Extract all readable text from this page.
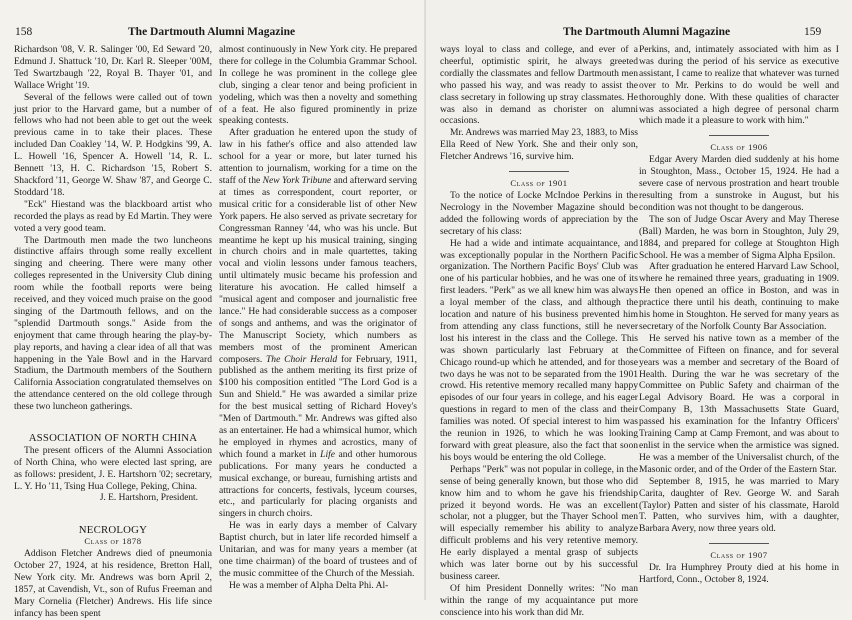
158	The Dartmouth Alumni Magazine

Richardson '08, V. R. Salinger '00, Ed Seward '20, Edmund J. Shattuck '10, Dr. Karl R. Sleeper '00M, Ted Swartzbaugh '22, Royal B. Thayer '01, and Wallace Wright '19.

Several of the fellows were called out of town just prior to the Harvard game, but a number of fellows who had not been able to get out the week previous came in to take their places. These included Dan Coakley '14, W. P. Hodgkins '99, A. L. Howell '16, Spencer A. Howell '14, R. L. Bennett '13, H. C. Richardson '15, Robert S. Shackford '11, George W. Shaw '87, and George C. Stoddard '18.

"Eck" Hiestand was the blackboard artist who recorded the plays as read by Ed Martin. They were voted a very good team.

The Dartmouth men made the two luncheons distinctive affairs through some really excellent singing and cheering. There were many other colleges represented in the University Club dining room while the football reports were being received, and they voiced much praise on the good singing of the Dartmouth fellows, and on the "splendid Dartmouth songs." Aside from the enjoyment that came through hearing the play-by-play reports, and having a clear idea of all that was happening in the Yale Bowl and in the Harvard Stadium, the Dartmouth members of the Southern California Association congratulated themselves on the attendance centered on the old college through these two luncheon gatherings.

ASSOCIATION OF NORTH CHINA

The present officers of the Alumni Association of North China, who were elected last spring, are as follows: president, J. E. Hartshorn '02; secretary, L. Y. Ho '11, Tsing Hua College, Peking, China.

J. E. Hartshorn, President.
NECROLOGY
Class of 1878

Addison Fletcher Andrews died of pneumonia October 27, 1924, at his residence, Bretton Hall, New York city. Mr. Andrews was born April 2, 1857, at Cavendish, Vt., son of Rufus Freeman and Mary Cornelia (Fletcher) Andrews. His life since infancy has been spent

almost continuously in New York city. He prepared there for college in the Columbia Grammar School. In college he was prominent in the college glee club, singing a clear tenor and being proficient in yodeling, which was then a novelty and something of a feat. He also figured prominently in prize speaking contests.

After graduation he entered upon the study of law in his father's office and also attended law school for a year or more, but later turned his attention to journalism, working for a time on the staff of the New York Tribune and afterward serving at times as correspondent, court reporter, or musical critic for a considerable list of other New York papers. He also served as private secretary for Congressman Ranney '44, who was his uncle. But meantime he kept up his musical training, singing in church choirs and in male quartettes, taking vocal and violin lessons under famous teachers, until ultimately music became his profession and literature his avocation. He called himself a "musical agent and composer and journalistic free lance." He had considerable success as a composer of songs and anthems, and was the originator of The Manuscript Society, which numbers as members most of the prominent American composers. The Choir Herald for February, 1911, published as the anthem meriting its first prize of $100 his composition entitled "The Lord God is a Sun and Shield." He was awarded a similar prize for the best musical setting of Richard Hovey's "Men of Dartmouth." Mr. Andrews was gifted also as an entertainer. He had a whimsical humor, which he employed in rhymes and acrostics, many of which found a market in Life and other humorous publications. For many years he conducted a musical exchange, or bureau, furnishing artists and attractions for concerts, festivals, lyceum courses, etc., and particularly for placing organists and singers in church choirs.

He was in early days a member of Calvary Baptist church, but in later life recorded himself a Unitarian, and was for many years a member (at one time chairman) of the board of trustees and of the music committee of the Church of the Messiah.

He was a member of Alpha Delta Phi. Al-

The Dartmouth Alumni Magazine	159

ways loyal to class and college, and ever of a cheerful, optimistic spirit, he always greeted cordially the classmates and fellow Dartmouth men who passed his way, and was ready to assist the class secretary in following up stray classmates. He was also in demand as chorister on alumni occasions.

Mr. Andrews was married May 23, 1883, to Miss Ella Reed of New York. She and their only son, Fletcher Andrews '16, survive him.

Class of 1901

To the notice of Locke McIndoe Perkins in the Necrology in the November Magazine should be added the following words of appreciation by the secretary of his class:

He had a wide and intimate acquaintance, and was exceptionally popular in the Northern Pacific organization. The Northern Pacific Boys' Club was one of his particular hobbies, and he was one of its first leaders. "Perk" as we all knew him was always a loyal member of the class, and although the location and nature of his business prevented him from attending any class functions, still he never lost his interest in the class and the College. This was shown particularly last February at the Chicago round-up which he attended, and for those two days he was not to be separated from the 1901 crowd. His retentive memory recalled many happy episodes of our four years in college, and his eager questions in regard to men of the class and their families was noted. Of special interest to him was the reunion in 1926, to which he was looking forward with great pleasure, also the fact that soon his boys would be entering the old College.

Perhaps "Perk" was not popular in college, in the sense of being generally known, but those who did know him and to whom he gave his friendship prized it beyond words. He was an excellent scholar, not a plugger, but the Thayer School men will especially remember his ability to analyze difficult problems and his very retentive memory. He early displayed a mental grasp of subjects which was later borne out by his successful business career.

Of him President Donnelly writes: "No man within the range of my acquaintance put more conscience into his work than did Mr.

Perkins, and, intimately associated with him as I was during the period of his service as executive assistant, I came to realize that whatever was turned over to Mr. Perkins to do would be well and thoroughly done. With these qualities of character was associated a high degree of personal charm which made it a pleasure to work with him."

Class of 1906

Edgar Avery Marden died suddenly at his home in Stoughton, Mass., October 15, 1924. He had a severe case of nervous prostration and heart trouble resulting from a sunstroke in August, but his condition was not thought to be dangerous.

The son of Judge Oscar Avery and May Therese (Ball) Marden, he was born in Stoughton, July 29, 1884, and prepared for college at Stoughton High School. He was a member of Sigma Alpha Epsilon.

After graduation he entered Harvard Law School, where he remained three years, graduating in 1909. He then opened an office in Boston, and was in practice there until his death, continuing to make his home in Stoughton. He served for many years as secretary of the Norfolk County Bar Association.

He served his native town as a member of the Committee of Fifteen on finance, and for several years was a member and secretary of the Board of Health. During the war he was secretary of the Committee on Public Safety and chairman of the Legal Advisory Board. He was a corporal in Company B, 13th Massachusetts State Guard, passed his examination for the Infantry Officers' Training Camp at Camp Fremont, and was about to enlist in the service when the armistice was signed. He was a member of the Universalist church, of the Masonic order, and of the Order of the Eastern Star.

September 8, 1915, he was married to Mary Carita, daughter of Rev. George W. and Sarah (Taylor) Patten and sister of his classmate, Harold T. Patten, who survives him, with a daughter, Barbara Avery, now three years old.

Class of 1907

Dr. Ira Humphrey Prouty died at his home in Hartford, Conn., October 8, 1924.
